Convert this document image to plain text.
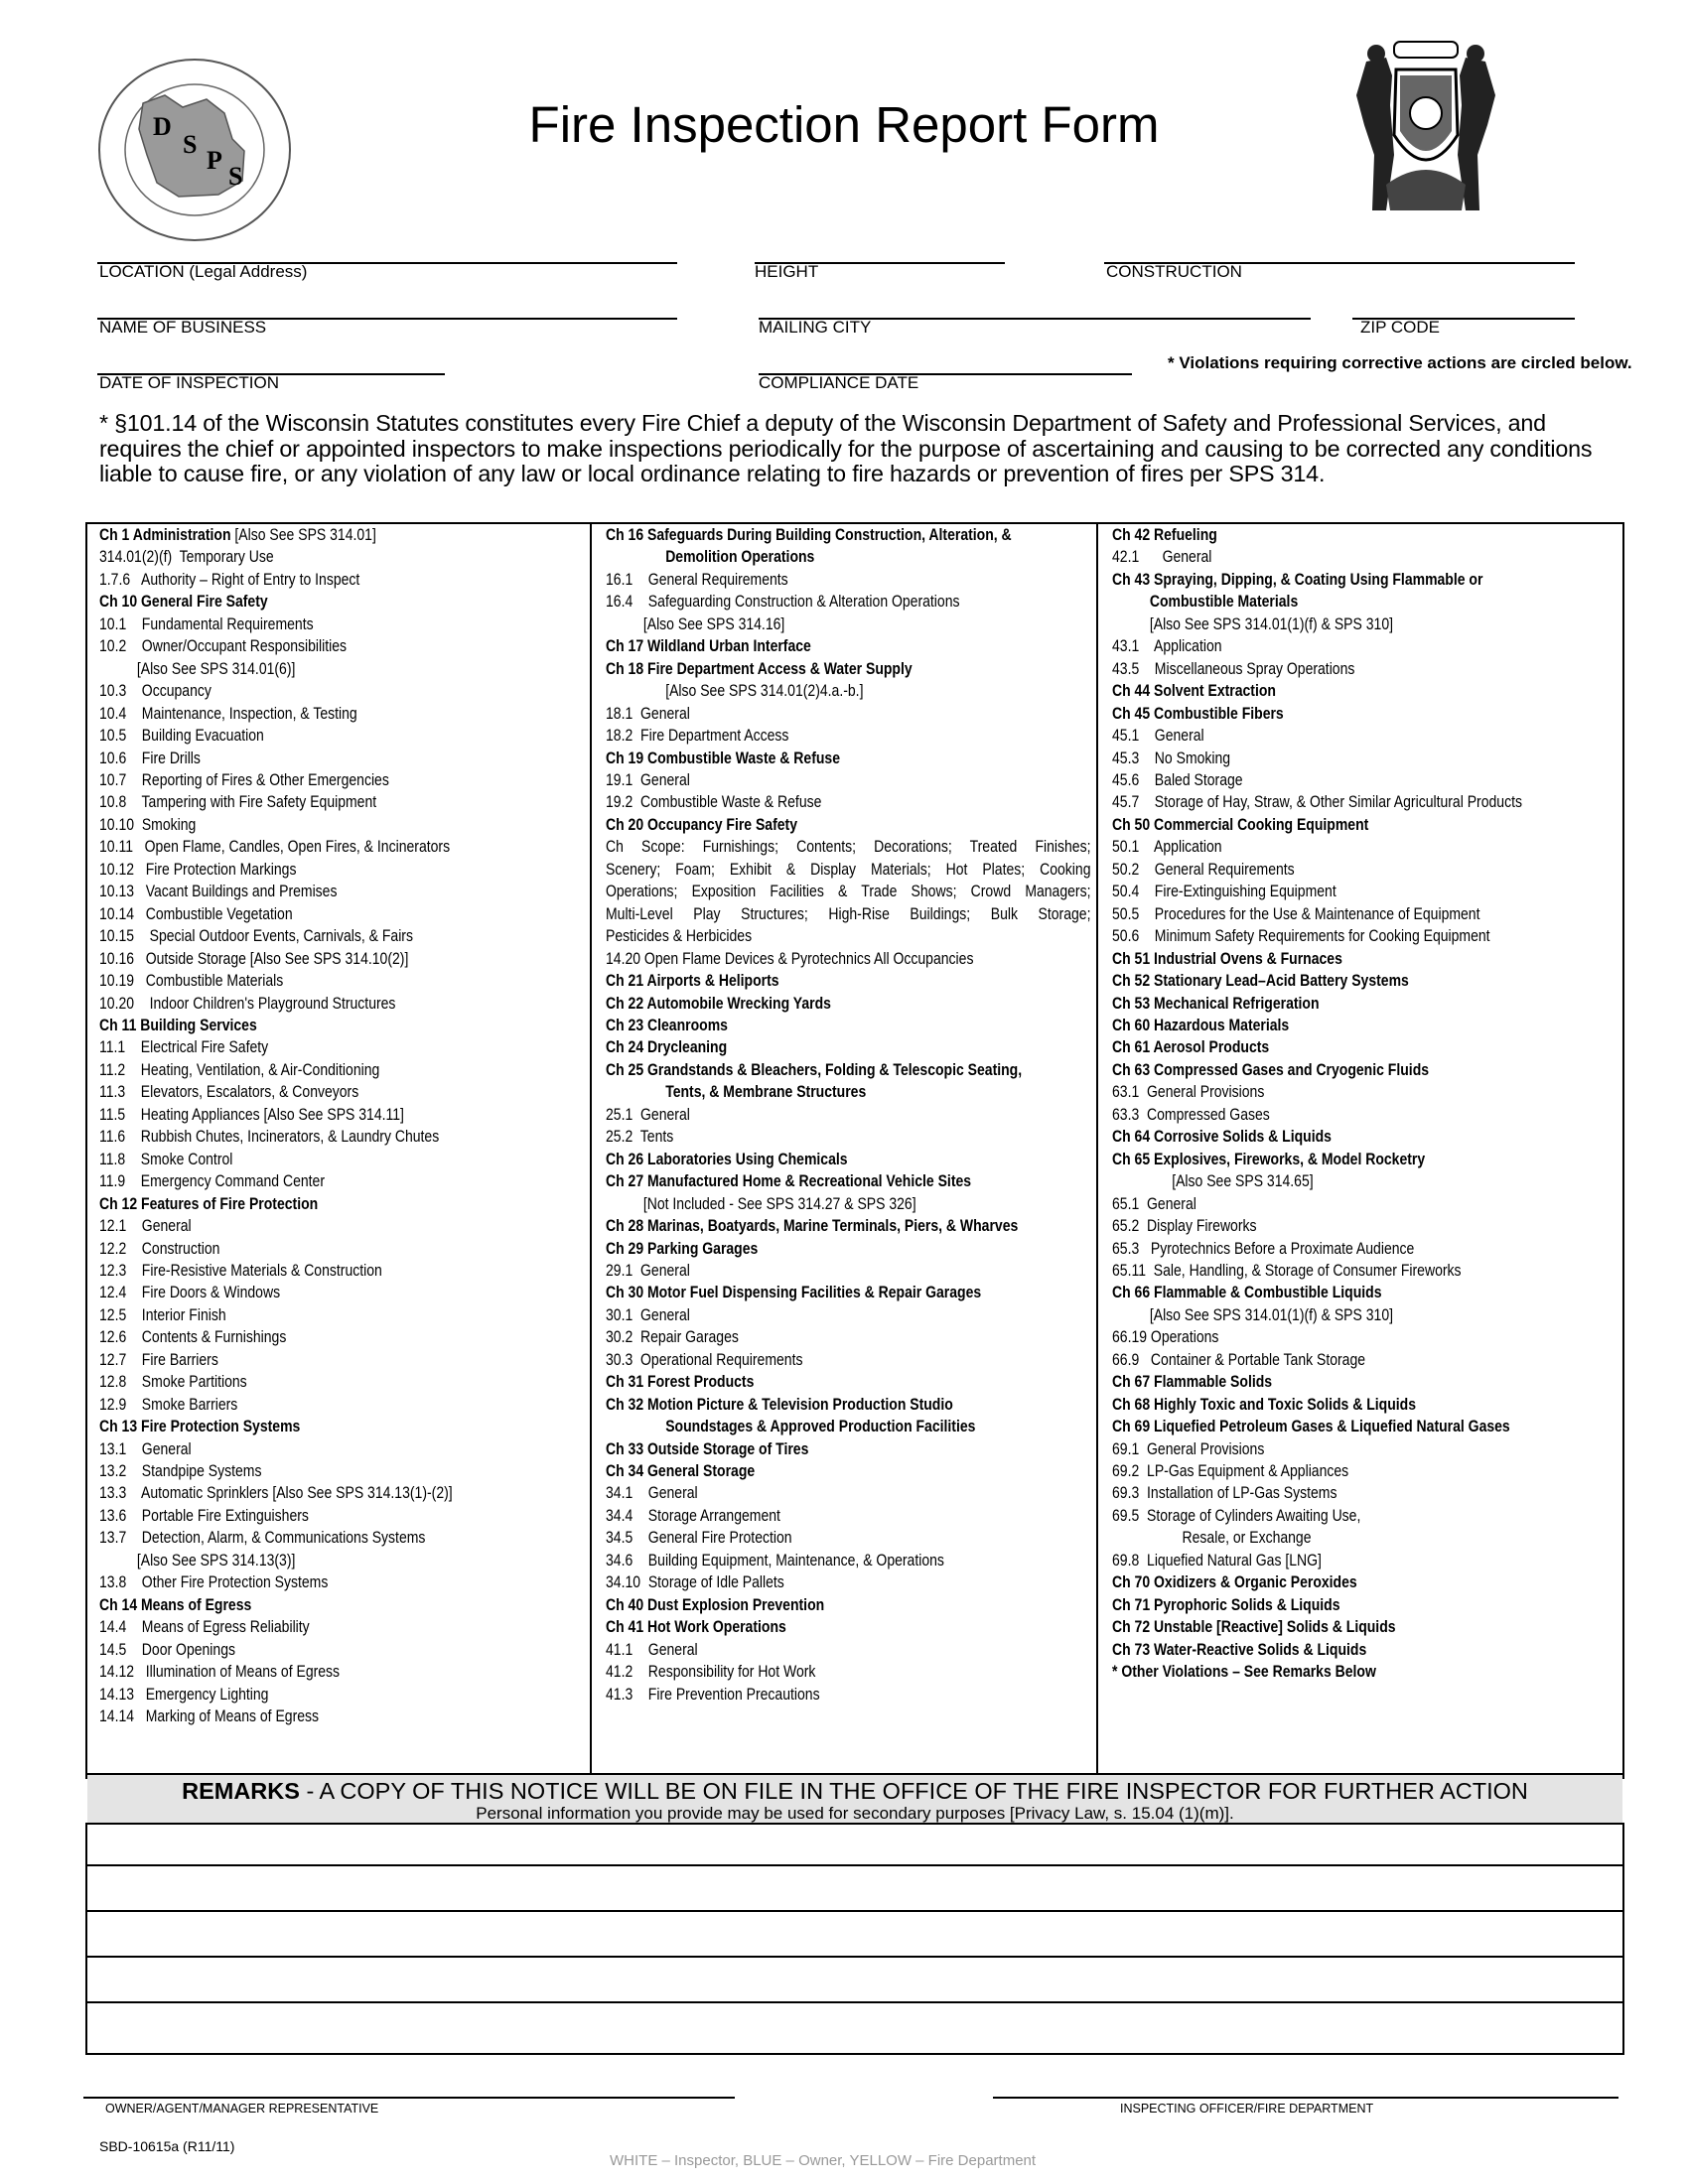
D
S
P
S
Fire Inspection Report Form
LOCATION (Legal Address)	HEIGHT	CONSTRUCTION
NAME OF BUSINESS	MAILING CITY	ZIP CODE
DATE OF INSPECTION	COMPLIANCE DATE
* Violations requiring corrective actions are circled below.
* §101.14 of the Wisconsin Statutes constitutes every Fire Chief a deputy of the Wisconsin Department of Safety and Professional Services, and requires the chief or appointed inspectors to make inspections periodically for the purpose of ascertaining and causing to be corrected any conditions liable to cause fire, or any violation of any law or local ordinance relating to fire hazards or prevention of fires per SPS 314.
Ch 1 Administration [Also See SPS 314.01]
314.01(2)(f)  Temporary Use
1.7.6   Authority – Right of Entry to Inspect
Ch 10 General Fire Safety
10.1    Fundamental Requirements
10.2    Owner/Occupant Responsibilities
[Also See SPS 314.01(6)]
10.3    Occupancy
10.4    Maintenance, Inspection, & Testing
10.5    Building Evacuation
10.6    Fire Drills
10.7    Reporting of Fires & Other Emergencies
10.8    Tampering with Fire Safety Equipment
10.10  Smoking
10.11   Open Flame, Candles, Open Fires, & Incinerators
10.12   Fire Protection Markings
10.13   Vacant Buildings and Premises
10.14   Combustible Vegetation
10.15    Special Outdoor Events, Carnivals, & Fairs
10.16   Outside Storage [Also See SPS 314.10(2)]
10.19   Combustible Materials
10.20    Indoor Children's Playground Structures
Ch 11 Building Services
11.1    Electrical Fire Safety
11.2    Heating, Ventilation, & Air-Conditioning
11.3    Elevators, Escalators, & Conveyors
11.5    Heating Appliances [Also See SPS 314.11]
11.6    Rubbish Chutes, Incinerators, & Laundry Chutes
11.8    Smoke Control
11.9    Emergency Command Center
Ch 12 Features of Fire Protection
12.1    General
12.2    Construction
12.3    Fire-Resistive Materials & Construction
12.4    Fire Doors & Windows
12.5    Interior Finish
12.6    Contents & Furnishings
12.7    Fire Barriers
12.8    Smoke Partitions
12.9    Smoke Barriers
Ch 13 Fire Protection Systems
13.1    General
13.2    Standpipe Systems
13.3    Automatic Sprinklers [Also See SPS 314.13(1)-(2)]
13.6    Portable Fire Extinguishers
13.7    Detection, Alarm, & Communications Systems
[Also See SPS 314.13(3)]
13.8    Other Fire Protection Systems
Ch 14 Means of Egress
14.4    Means of Egress Reliability
14.5    Door Openings
14.12   Illumination of Means of Egress
14.13   Emergency Lighting
14.14   Marking of Means of Egress
Ch 16 Safeguards During Building Construction, Alteration, &
Demolition Operations
16.1    General Requirements
16.4    Safeguarding Construction & Alteration Operations
[Also See SPS 314.16]
Ch 17 Wildland Urban Interface
Ch 18 Fire Department Access & Water Supply
[Also See SPS 314.01(2)4.a.-b.]
18.1  General
18.2  Fire Department Access
Ch 19 Combustible Waste & Refuse
19.1  General
19.2  Combustible Waste & Refuse
Ch 20 Occupancy Fire Safety
Ch Scope: Furnishings; Contents; Decorations; Treated Finishes;
Scenery; Foam; Exhibit & Display Materials; Hot Plates; Cooking
Operations; Exposition Facilities & Trade Shows; Crowd Managers;
Multi-Level Play Structures; High-Rise Buildings; Bulk Storage;
Pesticides & Herbicides
14.20 Open Flame Devices & Pyrotechnics All Occupancies
Ch 21 Airports & Heliports
Ch 22 Automobile Wrecking Yards
Ch 23 Cleanrooms
Ch 24 Drycleaning
Ch 25 Grandstands & Bleachers, Folding & Telescopic Seating,
Tents, & Membrane Structures
25.1  General
25.2  Tents
Ch 26 Laboratories Using Chemicals
Ch 27 Manufactured Home & Recreational Vehicle Sites
[Not Included - See SPS 314.27 & SPS 326]
Ch 28 Marinas, Boatyards, Marine Terminals, Piers, & Wharves
Ch 29 Parking Garages
29.1  General
Ch 30 Motor Fuel Dispensing Facilities & Repair Garages
30.1  General
30.2  Repair Garages
30.3  Operational Requirements
Ch 31 Forest Products
Ch 32 Motion Picture & Television Production Studio
Soundstages & Approved Production Facilities
Ch 33 Outside Storage of Tires
Ch 34 General Storage
34.1    General
34.4    Storage Arrangement
34.5    General Fire Protection
34.6    Building Equipment, Maintenance, & Operations
34.10  Storage of Idle Pallets
Ch 40 Dust Explosion Prevention
Ch 41 Hot Work Operations
41.1    General
41.2    Responsibility for Hot Work
41.3    Fire Prevention Precautions
Ch 42 Refueling
42.1      General
Ch 43 Spraying, Dipping, & Coating Using Flammable or
Combustible Materials
[Also See SPS 314.01(1)(f) & SPS 310]
43.1    Application
43.5    Miscellaneous Spray Operations
Ch 44 Solvent Extraction
Ch 45 Combustible Fibers
45.1    General
45.3    No Smoking
45.6    Baled Storage
45.7    Storage of Hay, Straw, & Other Similar Agricultural Products
Ch 50 Commercial Cooking Equipment
50.1    Application
50.2    General Requirements
50.4    Fire-Extinguishing Equipment
50.5    Procedures for the Use & Maintenance of Equipment
50.6    Minimum Safety Requirements for Cooking Equipment
Ch 51 Industrial Ovens & Furnaces
Ch 52 Stationary Lead–Acid Battery Systems
Ch 53 Mechanical Refrigeration
Ch 60 Hazardous Materials
Ch 61 Aerosol Products
Ch 63 Compressed Gases and Cryogenic Fluids
63.1  General Provisions
63.3  Compressed Gases
Ch 64 Corrosive Solids & Liquids
Ch 65 Explosives, Fireworks, & Model Rocketry
[Also See SPS 314.65]
65.1  General
65.2  Display Fireworks
65.3   Pyrotechnics Before a Proximate Audience
65.11  Sale, Handling, & Storage of Consumer Fireworks
Ch 66 Flammable & Combustible Liquids
[Also See SPS 314.01(1)(f) & SPS 310]
66.19 Operations
66.9   Container & Portable Tank Storage
Ch 67 Flammable Solids
Ch 68 Highly Toxic and Toxic Solids & Liquids
Ch 69 Liquefied Petroleum Gases & Liquefied Natural Gases
69.1  General Provisions
69.2  LP-Gas Equipment & Appliances
69.3  Installation of LP-Gas Systems
69.5  Storage of Cylinders Awaiting Use,
Resale, or Exchange
69.8  Liquefied Natural Gas [LNG]
Ch 70 Oxidizers & Organic Peroxides
Ch 71 Pyrophoric Solids & Liquids
Ch 72 Unstable [Reactive] Solids & Liquids
Ch 73 Water-Reactive Solids & Liquids
* Other Violations – See Remarks Below
REMARKS - A COPY OF THIS NOTICE WILL BE ON FILE IN THE OFFICE OF THE FIRE INSPECTOR FOR FURTHER ACTION
Personal information you provide may be used for secondary purposes [Privacy Law, s. 15.04 (1)(m)].
OWNER/AGENT/MANAGER REPRESENTATIVE	INSPECTING OFFICER/FIRE DEPARTMENT
SBD-10615a (R11/11)
WHITE – Inspector, BLUE – Owner, YELLOW – Fire Department
